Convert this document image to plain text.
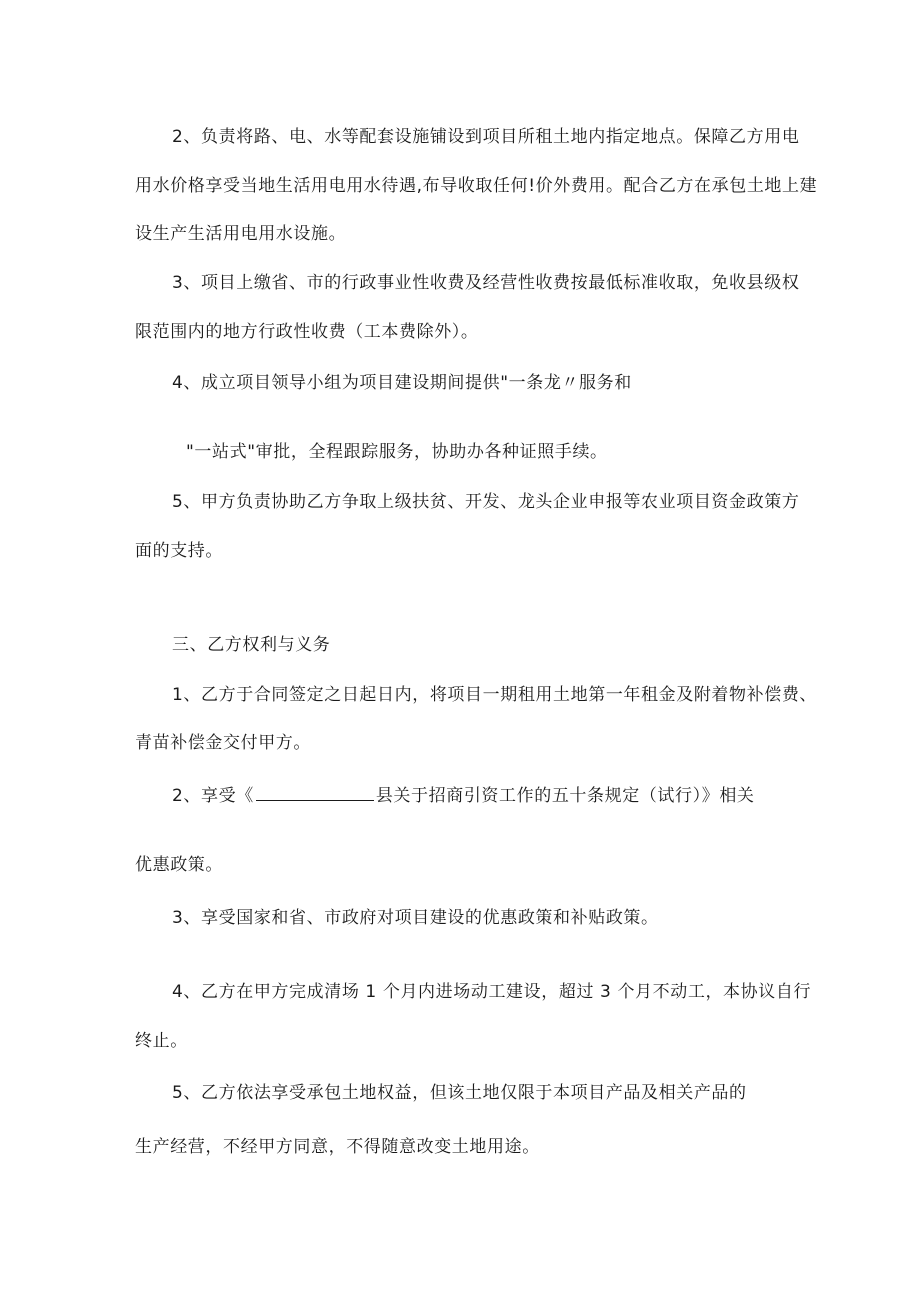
2、负责将路、电、水等配套设施铺设到项目所租土地内指定地点。保障乙方用电
用水价格享受当地生活用电用水待遇,布导收取任何!价外费用。配合乙方在承包土地上建
设生产生活用电用水设施。
3、项目上缴省、市的行政事业性收费及经营性收费按最低标准收取，免收县级权
限范围内的地方行政性收费（工本费除外）。
4、成立项目领导小组为项目建设期间提供"一条龙〃服务和
"一站式"审批，全程跟踪服务，协助办各种证照手续。
5、甲方负责协助乙方争取上级扶贫、开发、龙头企业申报等农业项目资金政策方
面的支持。
三、乙方权利与义务
1、乙方于合同签定之日起日内，将项目一期租用土地第一年租金及附着物补偿费、
青苗补偿金交付甲方。
2、享受《	县关于招商引资工作的五十条规定（试行）》相关
优惠政策。
3、享受国家和省、市政府对项目建设的优惠政策和补贴政策。
4、乙方在甲方完成清场 1 个月内进场动工建设，超过 3 个月不动工，本协议自行
终止。
5、乙方依法享受承包土地权益，但该土地仅限于本项目产品及相关产品的
生产经营，不经甲方同意，不得随意改变土地用途。
